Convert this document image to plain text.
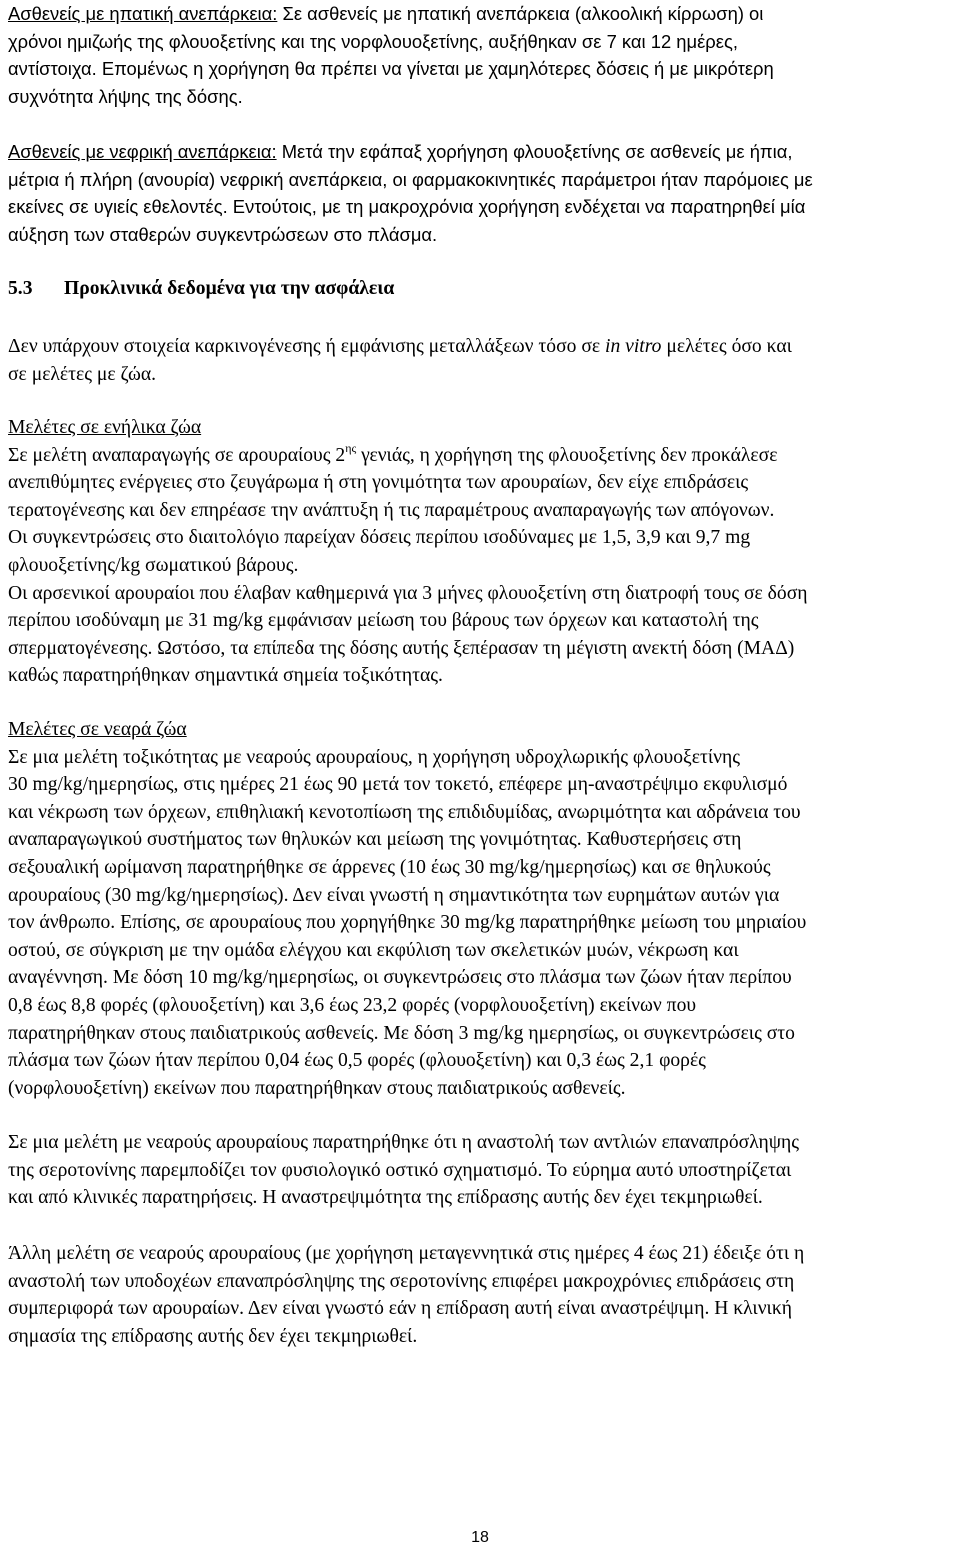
Ασθενείς με ηπατική ανεπάρκεια: Σε ασθενείς με ηπατική ανεπάρκεια (αλκοολική κίρρωση) οι
χρόνοι ημιζωής της φλουοξετίνης και της νορφλουοξετίνης, αυξήθηκαν σε 7 και 12 ημέρες,
αντίστοιχα. Επομένως η χορήγηση θα πρέπει να γίνεται με χαμηλότερες δόσεις ή με μικρότερη
συχνότητα λήψης της δόσης.
Ασθενείς με νεφρική ανεπάρκεια: Μετά την εφάπαξ χορήγηση φλουοξετίνης σε ασθενείς με ήπια,
μέτρια ή πλήρη (ανουρία) νεφρική ανεπάρκεια, οι φαρμακοκινητικές παράμετροι ήταν παρόμοιες με
εκείνες σε υγιείς εθελοντές. Εντούτοις, με τη μακροχρόνια χορήγηση ενδέχεται να παρατηρηθεί μία
αύξηση των σταθερών συγκεντρώσεων στο πλάσμα.
5.3 Προκλινικά δεδομένα για την ασφάλεια
Δεν υπάρχουν στοιχεία καρκινογένεσης ή εμφάνισης μεταλλάξεων τόσο σε in vitro μελέτες όσο και
σε μελέτες με ζώα.
Μελέτες σε ενήλικα ζώα
Σε μελέτη αναπαραγωγής σε αρουραίους $2^{\eta\varsigma}$ γενιάς, η χορήγηση της φλουοξετίνης δεν προκάλεσε
ανεπιθύμητες ενέργειες στο ζευγάρωμα ή στη γονιμότητα των αρουραίων, δεν είχε επιδράσεις
τερατογένεσης και δεν επηρέασε την ανάπτυξη ή τις παραμέτρους αναπαραγωγής των απόγονων.
Οι συγκεντρώσεις στο διαιτολόγιο παρείχαν δόσεις περίπου ισοδύναμες με 1,5, 3,9 και 9,7 mg
φλουοξετίνης/kg σωματικού βάρους.
Οι αρσενικοί αρουραίοι που έλαβαν καθημερινά για 3 μήνες φλουοξετίνη στη διατροφή τους σε δόση
περίπου ισοδύναμη με 31 mg/kg εμφάνισαν μείωση του βάρους των όρχεων και καταστολή της
σπερματογένεσης. Ωστόσο, τα επίπεδα της δόσης αυτής ξεπέρασαν τη μέγιστη ανεκτή δόση (ΜΑΔ)
καθώς παρατηρήθηκαν σημαντικά σημεία τοξικότητας.
Μελέτες σε νεαρά ζώα
Σε μια μελέτη τοξικότητας με νεαρούς αρουραίους, η χορήγηση υδροχλωρικής φλουοξετίνης
30 mg/kg/ημερησίως, στις ημέρες 21 έως 90 μετά τον τοκετό, επέφερε μη-αναστρέψιμο εκφυλισμό
και νέκρωση των όρχεων, επιθηλιακή κενοτοπίωση της επιδιδυμίδας, ανωριμότητα και αδράνεια του
αναπαραγωγικού συστήματος των θηλυκών και μείωση της γονιμότητας. Καθυστερήσεις στη
σεξουαλική ωρίμανση παρατηρήθηκε σε άρρενες (10 έως 30 mg/kg/ημερησίως) και σε θηλυκούς
αρουραίους (30 mg/kg/ημερησίως). Δεν είναι γνωστή η σημαντικότητα των ευρημάτων αυτών για
τον άνθρωπο. Επίσης, σε αρουραίους που χορηγήθηκε 30 mg/kg παρατηρήθηκε μείωση του μηριαίου
οστού, σε σύγκριση με την ομάδα ελέγχου και εκφύλιση των σκελετικών μυών, νέκρωση και
αναγέννηση. Με δόση 10 mg/kg/ημερησίως, οι συγκεντρώσεις στο πλάσμα των ζώων ήταν περίπου
0,8 έως 8,8 φορές (φλουοξετίνη) και 3,6 έως 23,2 φορές (νορφλουοξετίνη) εκείνων που
παρατηρήθηκαν στους παιδιατρικούς ασθενείς. Με δόση 3 mg/kg ημερησίως, οι συγκεντρώσεις στο
πλάσμα των ζώων ήταν περίπου 0,04 έως 0,5 φορές (φλουοξετίνη) και 0,3 έως 2,1 φορές
(νορφλουοξετίνη) εκείνων που παρατηρήθηκαν στους παιδιατρικούς ασθενείς.
Σε μια μελέτη με νεαρούς αρουραίους παρατηρήθηκε ότι η αναστολή των αντλιών επαναπρόσληψης
της σεροτονίνης παρεμποδίζει τον φυσιολογικό οστικό σχηματισμό. Το εύρημα αυτό υποστηρίζεται
και από κλινικές παρατηρήσεις. Η αναστρεψιμότητα της επίδρασης αυτής δεν έχει τεκμηριωθεί.
Άλλη μελέτη σε νεαρούς αρουραίους (με χορήγηση μεταγεννητικά στις ημέρες 4 έως 21) έδειξε ότι η
αναστολή των υποδοχέων επαναπρόσληψης της σεροτονίνης επιφέρει μακροχρόνιες επιδράσεις στη
συμπεριφορά των αρουραίων. Δεν είναι γνωστό εάν η επίδραση αυτή είναι αναστρέψιμη. Η κλινική
σημασία της επίδρασης αυτής δεν έχει τεκμηριωθεί.
18
